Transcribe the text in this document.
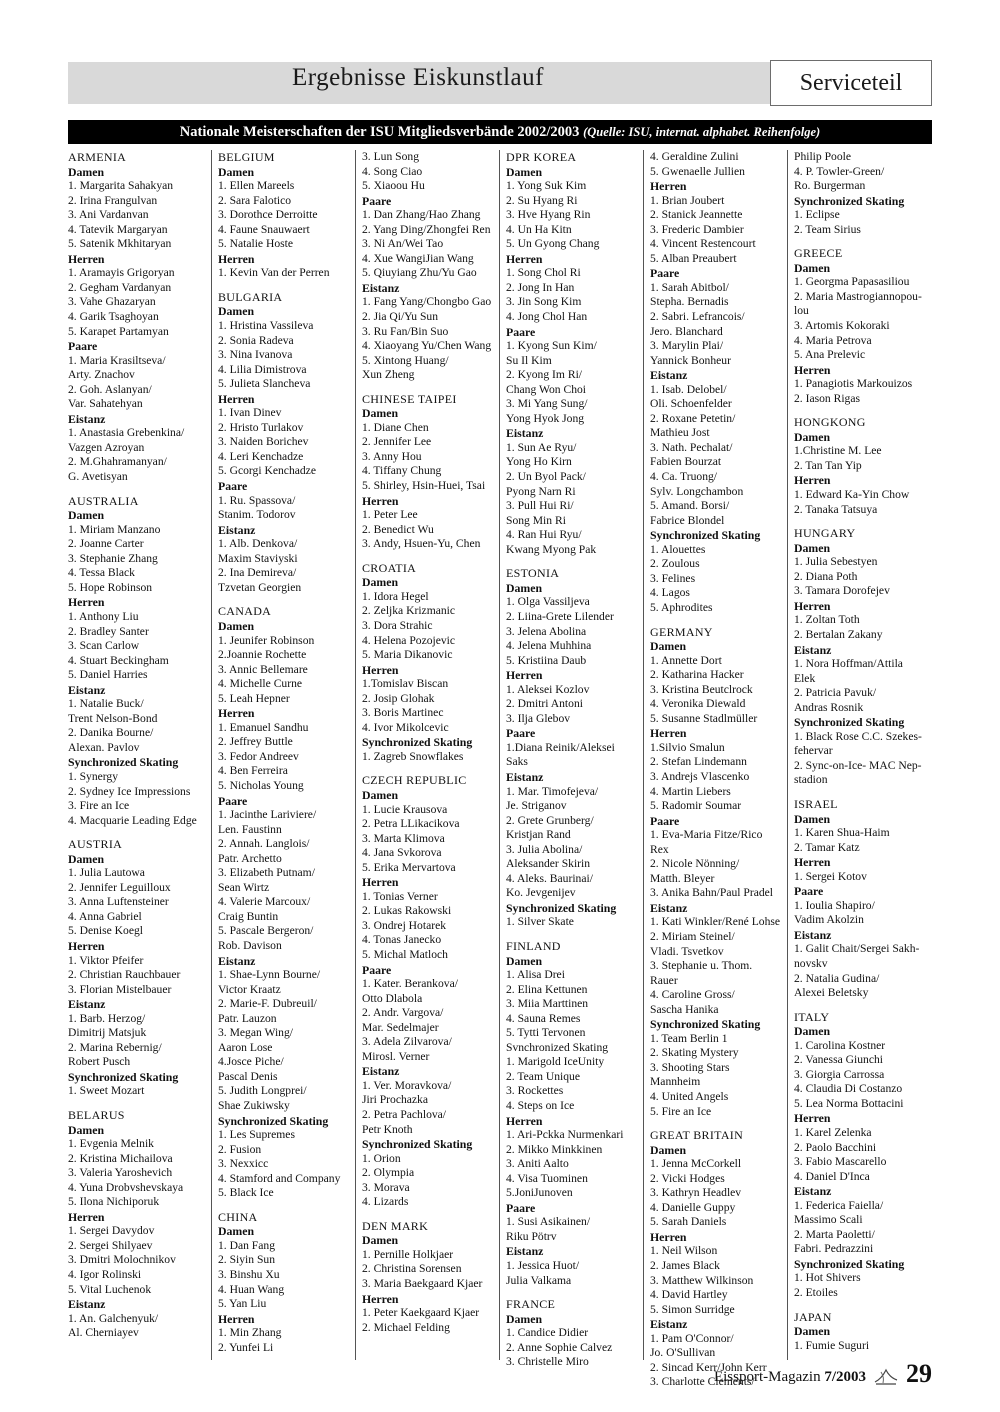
Ergebnisse Eiskunstlauf	Serviceteil
Nationale Meisterschaften der ISU Mitgliedsverbände 2002/2003 (Quelle: ISU, internat. alphabet. Reihenfolge)
ARMENIA
Damen
1. Margarita Sahakyan
2. Irina Frangulvan
3. Ani Vardanvan
4. Tatevik Margaryan
5. Satenik Mkhitaryan
Herren
1. Aramayis Grigoryan
2. Gegham Vardanyan
3. Vahe Ghazaryan
4. Garik Tsaghoyan
5. Karapet Partamyan
Paare
1. Maria Krasiltseva/
Arty. Znachov
2. Goh. Aslanyan/
Var. Sahatehyan
Eistanz
1. Anastasia Grebenkina/
Vazgen Azroyan
2. M.Ghahramanyan/
G. Avetisyan
AUSTRALIA
Damen
1. Miriam Manzano
2. Joanne Carter
3. Stephanie Zhang
4. Tessa Black
5. Hope Robinson
Herren
1. Anthony Liu
2. Bradley Santer
3. Scan Carlow
4. Stuart Beckingham
5. Daniel Harries
Eistanz
1. Natalie Buck/
Trent Nelson-Bond
2. Danika Bourne/
Alexan. Pavlov
Synchronized Skating
1. Synergy
2. Sydney Ice Impressions
3. Fire an Ice
4. Macquarie Leading Edge
AUSTRIA
Damen
1. Julia Lautowa
2. Jennifer Leguilloux
3. Anna Luftensteiner
4. Anna Gabriel
5. Denise Koegl
Herren
1. Viktor Pfeifer
2. Christian Rauchbauer
3. Florian Mistelbauer
Eistanz
1. Barb. Herzog/
Dimitrij Matsjuk
2. Marina Rebernig/
Robert Pusch
Synchronized Skating
1. Sweet Mozart
BELARUS
Damen
1. Evgenia Melnik
2. Kristina Michailova
3. Valeria Yaroshevich
4. Yuna Drobvshevskaya
5. Ilona Nichiporuk
Herren
1. Sergei Davydov
2. Sergei Shilyaev
3. Dmitri Molochnikov
4. Igor Rolinski
5. Vital Luchenok
Eistanz
1. An. Galchenyuk/
Al. Cherniayev
BELGIUM
Damen
1. Ellen Mareels
2. Sara Falotico
3. Dorothce Derroitte
4. Faune Snauwaert
5. Natalie Hoste
Herren
1. Kevin Van der Perren
BULGARIA
Damen
1. Hristina Vassileva
2. Sonia Radeva
3. Nina Ivanova
4. Lilia Dimistrova
5. Julieta Slancheva
Herren
1. Ivan Dinev
2. Hristo Turlakov
3. Naiden Borichev
4. Leri Kenchadze
5. Gcorgi Kenchadze
Paare
1. Ru. Spassova/
Stanim. Todorov
Eistanz
1. Alb. Denkova/
Maxim Staviyski
2. Ina Demireva/
Tzvetan Georgien
CANADA
Damen
1. Jeunifer Robinson
2.Joannie Rochette
3. Annic Bellemare
4. Michelle Curne
5. Leah Hepner
Herren
1. Emanuel Sandhu
2. Jeffrey Buttle
3. Fedor Andreev
4. Ben Ferreira
5. Nicholas Young
Paare
1. Jacinthe Lariviere/
Len. Faustinn
2. Annah. Langlois/
Patr. Archetto
3. Elizabeth Putnam/
Sean Wirtz
4. Valerie Marcoux/
Craig Buntin
5. Pascale Bergeron/
Rob. Davison
Eistanz
1. Shae-Lynn Bourne/
Victor Kraatz
2. Marie-F. Dubreuil/
Patr. Lauzon
3. Megan Wing/
Aaron Lose
4.Josce Piche/
Pascal Denis
5. Judith Longprei/
Shae Zukiwsky
Synchronized Skating
1. Les Supremes
2. Fusion
3. Nexxicc
4. Stamford and Company
5. Black Ice
CHINA
Damen
1. Dan Fang
2. Siyin Sun
3. Binshu Xu
4. Huan Wang
5. Yan Liu
Herren
1. Min Zhang
2. Yunfei Li
3. Lun Song
4. Song Ciao
5. Xiaoou Hu
Paare
1. Dan Zhang/Hao Zhang
2. Yang Ding/Zhongfei Ren
3. Ni An/Wei Tao
4. Xue WangiJian Wang
5. Qiuyiang Zhu/Yu Gao
Eistanz
1. Fang Yang/Chongbo Gao
2. Jia Qi/Yu Sun
3. Ru Fan/Bin Suo
4. Xiaoyang Yu/Chen Wang
5. Xintong Huang/
Xun Zheng
CHINESE TAIPEI
Damen
1. Diane Chen
2. Jennifer Lee
3. Anny Hou
4. Tiffany Chung
5. Shirley, Hsin-Huei, Tsai
Herren
1. Peter Lee
2. Benedict Wu
3. Andy, Hsuen-Yu, Chen
CROATIA
Damen
1. Idora Hegel
2. Zeljka Krizmanic
3. Dora Strahic
4. Helena Pozojevic
5. Maria Dikanovic
Herren
1.Tomislav Biscan
2. Josip Glohak
3. Boris Martinec
4. Ivor Mikolcevic
Synchronized Skating
1. Zagreb Snowflakes
CZECH REPUBLIC
Damen
1. Lucie Krausova
2. Petra LLikacikova
3. Marta Klimova
4. Jana Svkorova
5. Erika Mervartova
Herren
1. Tonias Verner
2. Lukas Rakowski
3. Ondrej Hotarek
4. Tonas Janecko
5. Michal Matloch
Paare
1. Kater. Berankova/
Otto Dlabola
2. Andr. Vargova/
Mar. Sedelmajer
3. Adela Zilvarova/
Mirosl. Verner
Eistanz
1. Ver. Moravkova/
Jiri Prochazka
2. Petra Pachlova/
Petr Knoth
Synchronized Skating
1. Orion
2. Olympia
3. Morava
4. Lizards
DEN MARK
Damen
1. Pernille Holkjaer
2. Christina Sorensen
3. Maria Baekgaard Kjaer
Herren
1. Peter Kaekgaard Kjaer
2. Michael Felding
DPR KOREA
Damen
1. Yong Suk Kim
2. Su Hyang Ri
3. Hve Hyang Rin
4. Un Ha Kitn
5. Un Gyong Chang
Herren
1. Song Chol Ri
2. Jong In Han
3. Jin Song Kim
4. Jong Chol Han
Paare
1. Kyong Sun Kim/
Su Il Kim
2. Kyong Im Ri/
Chang Won Choi
3. Mi Yang Sung/
Yong Hyok Jong
Eistanz
1. Sun Ae Ryu/
Yong Ho Kirn
2. Un Byol Pack/
Pyong Narn Ri
3. Pull Hui Ri/
Song Min Ri
4. Ran Hui Ryu/
Kwang Myong Pak
ESTONIA
Damen
1. Olga Vassiljeva
2. Liina-Grete Lilender
3. Jelena Abolina
4. Jelena Muhhina
5. Kristiina Daub
Herren
1. Aleksei Kozlov
2. Dmitri Antoni
3. Ilja Glebov
Paare
1.Diana Reinik/Aleksei Saks
Eistanz
1. Mar. Timofejeva/
Je. Striganov
2. Grete Grunberg/
Kristjan Rand
3. Julia Abolina/
Aleksander Skirin
4. Aleks. Baurinai/
Ko. Jevgenijev
Synchronized Skating
1. Silver Skate
FINLAND
Damen
1. Alisa Drei
2. Elina Kettunen
3. Miia Marttinen
4. Sauna Remes
5. Tytti Tervonen
Svnchronized Skating
1. Marigold IceUnity
2. Team Unique
3. Rockettes
4. Steps on Ice
Herren
1. Ari-Pckka Nurmenkari
2. Mikko Minkkinen
3. Aniti Aalto
4. Visa Tuominen
5.JoniJunoven
Paare
1. Susi Asikainen/
Riku Pötrv
Eistanz
1. Jessica Huot/
Julia Valkama
FRANCE
Damen
1. Candice Didier
2. Anne Sophie Calvez
3. Christelle Miro
4. Geraldine Zulini
5. Gwenaelle Jullien
Herren
1. Brian Joubert
2. Stanick Jeannette
3. Frederic Dambier
4. Vincent Restencourt
5. Alban Preaubert
Paare
1. Sarah Abitbol/
Stepha. Bernadis
2. Sabri. Lefrancois/
Jero. Blanchard
3. Marylin Plai/
Yannick Bonheur
Eistanz
1. Isab. Delobel/
Oli. Schoenfelder
2. Roxane Petetin/
Mathieu Jost
3. Nath. Pechalat/
Fabien Bourzat
4. Ca. Truong/
Sylv. Longchambon
5. Amand. Borsi/
Fabrice Blondel
Synchronized Skating
1. Alouettes
2. Zoulous
3. Felines
4. Lagos
5. Aphrodites
GERMANY
Damen
1. Annette Dort
2. Katharina Hacker
3. Kristina Beutclrock
4. Veronika Diewald
5. Susanne Stadlmüller
Herren
1.Silvio Smalun
2. Stefan Lindemann
3. Andrejs Vlascenko
4. Martin Liebers
5. Radomir Soumar
Paare
1. Eva-Maria Fitze/Rico Rex
2. Nicole Nönning/
Matth. Bleyer
3. Anika Bahn/Paul Pradel
Eistanz
1. Kati Winkler/René Lohse
2. Miriam Steinel/
Vladi. Tsvetkov
3. Stephanie u. Thom. Rauer
4. Caroline Gross/
Sascha Hanika
Synchronized Skating
1. Team Berlin 1
2. Skating Mystery
3. Shooting Stars Mannheim
4. United Angels
5. Fire an Ice
GREAT BRITAIN
Damen
1. Jenna McCorkell
2. Vicki Hodges
3. Kathryn Headlev
4. Danielle Guppy
5. Sarah Daniels
Herren
1. Neil Wilson
2. James Black
3. Matthew Wilkinson
4. David Hartley
5. Simon Surridge
Eistanz
1. Pam O'Connor/
Jo. O'Sullivan
2. Sincad Kerr/John Kerr
3. Charlotte Clements/
Philip Poole
4. P. Towler-Green/
Ro. Burgerman
Synchronized Skating
1. Eclipse
2. Team Sirius
GREECE
Damen
1. Georgma Papasasiliou
2. Maria Mastrogiannopou-
lou
3. Artomis Kokoraki
4. Maria Petrova
5. Ana Prelevic
Herren
1. Panagiotis Markouizos
2. Iason Rigas
HONGKONG
Damen
1.Christine M. Lee
2. Tan Tan Yip
Herren
1. Edward Ka-Yin Chow
2. Tanaka Tatsuya
HUNGARY
Damen
1. Julia Sebestyen
2. Diana Poth
3. Tamara Dorofejev
Herren
1. Zoltan Toth
2. Bertalan Zakany
Eistanz
1. Nora Hoffman/Attila Elek
2. Patricia Pavuk/
Andras Rosnik
Synchronized Skating
1. Black Rose C.C. Szekes-
fehervar
2. Sync-on-Ice- MAC Nep-
stadion
ISRAEL
Damen
1. Karen Shua-Haim
2. Tamar Katz
Herren
1. Sergei Kotov
Paare
1. Ioulia Shapiro/
Vadim Akolzin
Eistanz
1. Galit Chait/Sergei Sakh-
novskv
2. Natalia Gudina/
Alexei Beletsky
ITALY
Damen
1. Carolina Kostner
2. Vanessa Giunchi
3. Giorgia Carrossa
4. Claudia Di Costanzo
5. Lea Norma Bottacini
Herren
1. Karel Zelenka
2. Paolo Bacchini
3. Fabio Mascarello
4. Daniel D'Inca
Eistanz
1. Federica Faiella/
Massimo Scali
2. Marta Paoletti/
Fabri. Pedrazzini
Synchronized Skating
1. Hot Shivers
2. Etoiles
JAPAN
Damen
1. Fumie Suguri
Eissport-Magazin 7/2003 29
